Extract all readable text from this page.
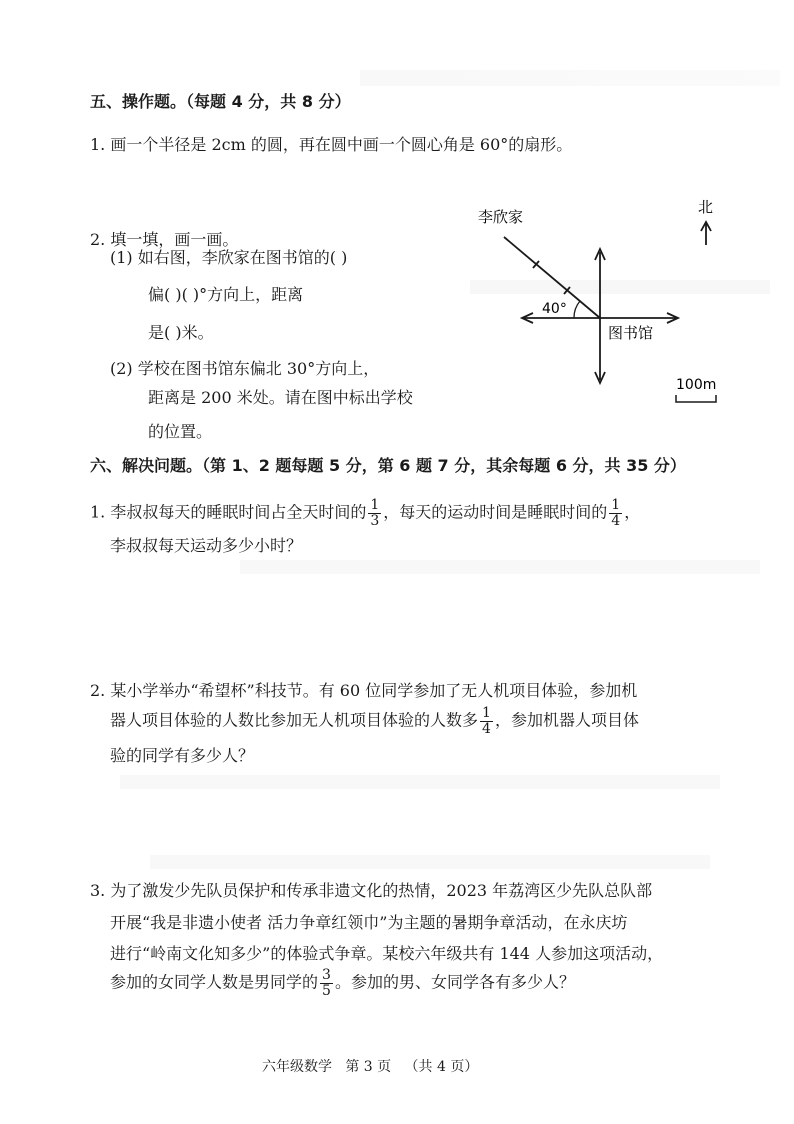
五、操作题。（每题 4 分，共 8 分）
1. 画一个半径是 2cm 的圆，再在圆中画一个圆心角是 60°的扇形。
2. 填一填，画一画。
(1) 如右图，李欣家在图书馆的( )
偏( )( )°方向上，距离
是( )米。
(2) 学校在图书馆东偏北 30°方向上，
距离是 200 米处。请在图中标出学校
的位置。
北
李欣家
图书馆
40°
100m
六、解决问题。（第 1、2 题每题 5 分，第 6 题 7 分，其余每题 6 分，共 35 分）
1. 李叔叔每天的睡眠时间占全天时间的 $\frac{1}{3}$ ，每天的运动时间是睡眠时间的 $\frac{1}{4}$ ，
李叔叔每天运动多少小时？
2. 某小学举办“希望杯”科技节。有 60 位同学参加了无人机项目体验，参加机
器人项目体验的人数比参加无人机项目体验的人数多 $\frac{1}{4}$ ，参加机器人项目体
验的同学有多少人？
3. 为了激发少先队员保护和传承非遗文化的热情，2023 年荔湾区少先队总队部
开展“我是非遗小使者 活力争章红领巾”为主题的暑期争章活动，在永庆坊
进行“岭南文化知多少”的体验式争章。某校六年级共有 144 人参加这项活动，
参加的女同学人数是男同学的 $\frac{3}{5}$ 。参加的男、女同学各有多少人？
六年级数学 第 3 页 （共 4 页）
